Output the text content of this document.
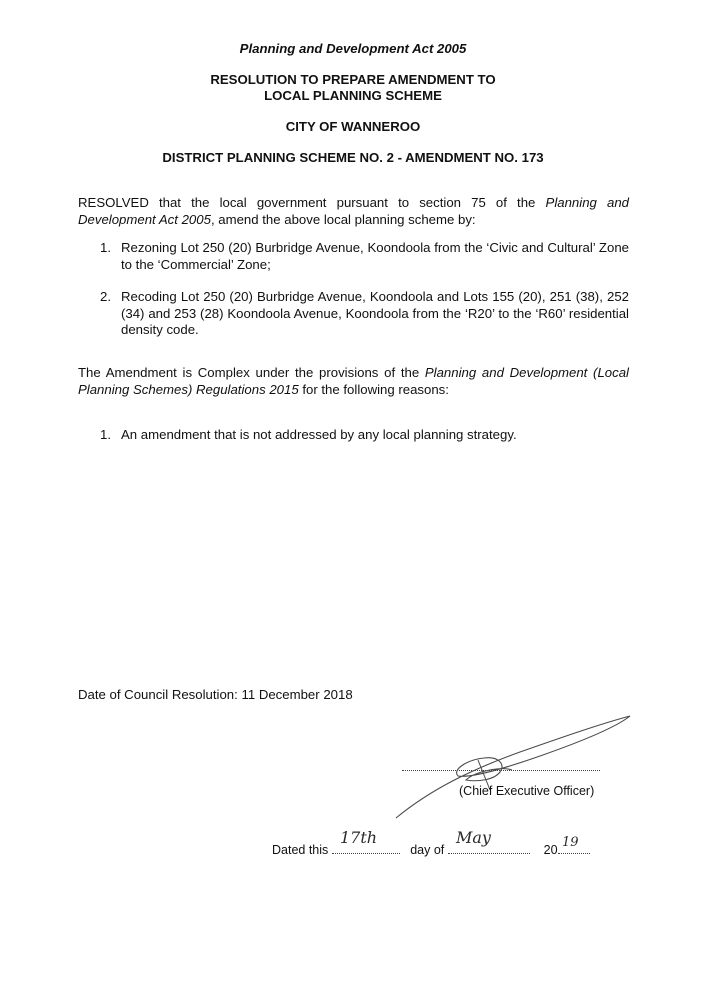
Planning and Development Act 2005
RESOLUTION TO PREPARE AMENDMENT TO
LOCAL PLANNING SCHEME
CITY OF WANNEROO
DISTRICT PLANNING SCHEME NO. 2 - AMENDMENT NO. 173
RESOLVED that the local government pursuant to section 75 of the Planning and Development Act 2005, amend the above local planning scheme by:
1. Rezoning Lot 250 (20) Burbridge Avenue, Koondoola from the ‘Civic and Cultural’ Zone to the ‘Commercial’ Zone;
2. Recoding Lot 250 (20) Burbridge Avenue, Koondoola and Lots 155 (20), 251 (38), 252 (34) and 253 (28) Koondoola Avenue, Koondoola from the ‘R20’ to the ‘R60’ residential density code.
The Amendment is Complex under the provisions of the Planning and Development (Local Planning Schemes) Regulations 2015 for the following reasons:
1. An amendment that is not addressed by any local planning strategy.
Date of Council Resolution: 11 December 2018
(Chief Executive Officer)
Dated this	day of	20
17th	May	19
